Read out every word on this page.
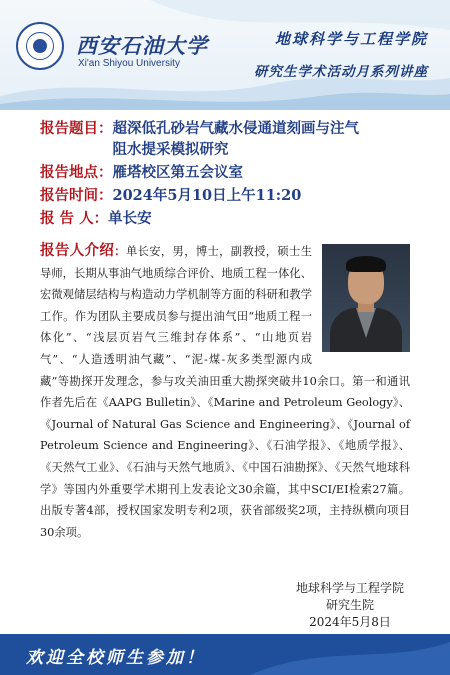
西安石油大学
Xi'an Shiyou University
地球科学与工程学院
研究生学术活动月系列讲座
报告题目： 超深低孔砂岩气藏水侵通道刻画与注气
阻水提采模拟研究
报告地点： 雁塔校区第五会议室
报告时间： 2024年5月10日上午11:20
报 告 人： 单长安
报告人介绍：单长安，男，博士，副教授，硕士生导师，长期从事油气地质综合评价、地质工程一体化、宏微观储层结构与构造动力学机制等方面的科研和教学工作。作为团队主要成员参与提出油气田“地质工程一体化”、“浅层页岩气三维封存体系”、“山地页岩气”、“人造透明油气藏”、“泥-煤-灰多类型源内成藏”等勘探开发理念，参与攻关油田重大勘探突破井10余口。第一和通讯作者先后在《AAPG Bulletin》、《Marine and Petroleum Geology》、《Journal of Natural Gas Science and Engineering》、《Journal of Petroleum Science and Engineering》、《石油学报》、《地质学报》、《天然气工业》、《石油与天然气地质》、《中国石油勘探》、《天然气地球科学》等国内外重要学术期刊上发表论文30余篇，其中SCI/EI检索27篇。出版专著4部，授权国家发明专利2项，获省部级奖2项，主持纵横向项目30余项。
地球科学与工程学院
研究生院
2024年5月8日
欢迎全校师生参加！
